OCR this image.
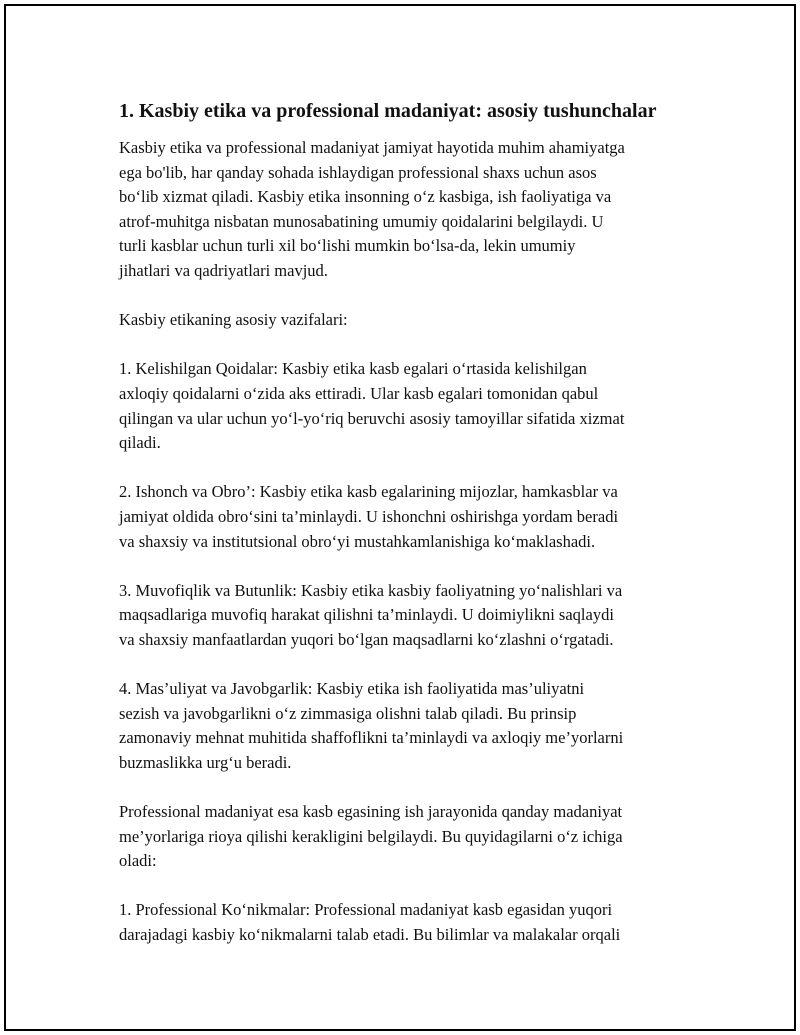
1. Kasbiy etika va professional madaniyat: asosiy tushunchalar
Kasbiy etika va professional madaniyat jamiyat hayotida muhim ahamiyatga
ega bo'lib, har qanday sohada ishlaydigan professional shaxs uchun asos
bo‘lib xizmat qiladi. Kasbiy etika insonning o‘z kasbiga, ish faoliyatiga va
atrof-muhitga nisbatan munosabatining umumiy qoidalarini belgilaydi. U
turli kasblar uchun turli xil bo‘lishi mumkin bo‘lsa-da, lekin umumiy
jihatlari va qadriyatlari mavjud.
Kasbiy etikaning asosiy vazifalari:
1. Kelishilgan Qoidalar: Kasbiy etika kasb egalari o‘rtasida kelishilgan
axloqiy qoidalarni o‘zida aks ettiradi. Ular kasb egalari tomonidan qabul
qilingan va ular uchun yo‘l-yo‘riq beruvchi asosiy tamoyillar sifatida xizmat
qiladi.
2. Ishonch va Obro’: Kasbiy etika kasb egalarining mijozlar, hamkasblar va
jamiyat oldida obro‘sini ta’minlaydi. U ishonchni oshirishga yordam beradi
va shaxsiy va institutsional obro‘yi mustahkamlanishiga ko‘maklashadi.
3. Muvofiqlik va Butunlik: Kasbiy etika kasbiy faoliyatning yo‘nalishlari va
maqsadlariga muvofiq harakat qilishni ta’minlaydi. U doimiylikni saqlaydi
va shaxsiy manfaatlardan yuqori bo‘lgan maqsadlarni ko‘zlashni o‘rgatadi.
4. Mas’uliyat va Javobgarlik: Kasbiy etika ish faoliyatida mas’uliyatni
sezish va javobgarlikni o‘z zimmasiga olishni talab qiladi. Bu prinsip
zamonaviy mehnat muhitida shaffoflikni ta’minlaydi va axloqiy me’yorlarni
buzmaslikka urg‘u beradi.
Professional madaniyat esa kasb egasining ish jarayonida qanday madaniyat
me’yorlariga rioya qilishi kerakligini belgilaydi. Bu quyidagilarni o‘z ichiga
oladi:
1. Professional Ko‘nikmalar: Professional madaniyat kasb egasidan yuqori
darajadagi kasbiy ko‘nikmalarni talab etadi. Bu bilimlar va malakalar orqali
